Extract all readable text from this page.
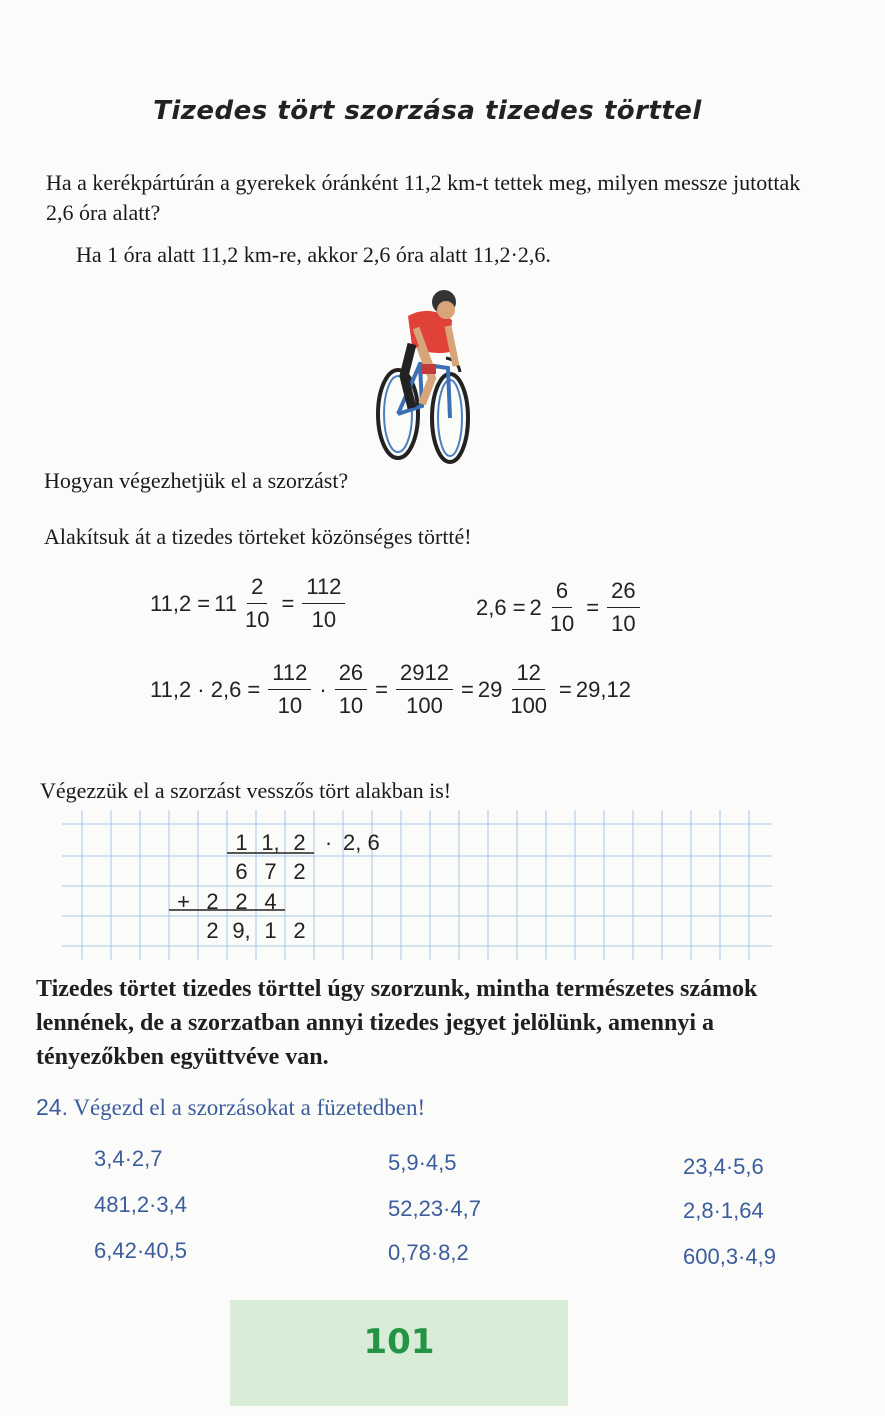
Tizedes tört szorzása tizedes törttel
Ha a kerékpártúrán a gyerekek óránként 11,2 km-t tettek meg, milyen messze jutottak 2,6 óra alatt?
Ha 1 óra alatt 11,2 km-re, akkor 2,6 óra alatt 11,2·2,6.
Hogyan végezhetjük el a szorzást?
Alakítsuk át a tizedes törteket közönséges törtté!
$11,2 = 11 \frac{2}{10} = \frac{112}{10}$	$2,6 = 2 \frac{6}{10} = \frac{26}{10}$
$11,2 \cdot 2,6 = \frac{112}{10} \cdot \frac{26}{10} = \frac{2912}{100} = 29 \frac{12}{100} = 29,12$
Végezzük el a szorzást vesszős tört alakban is!
1 1, 2 · 2, 6
6 7 2
+ 2 2 4
2 9, 1 2
Tizedes törtet tizedes törttel úgy szorzunk, mintha természetes számok lennének, de a szorzatban annyi tizedes jegyet jelölünk, amennyi a tényezőkben együttvéve van.
24. Végezd el a szorzásokat a füzetedben!
3,4·2,7
481,2·3,4
6,42·40,5
5,9·4,5
52,23·4,7
0,78·8,2
23,4·5,6
2,8·1,64
600,3·4,9
101
